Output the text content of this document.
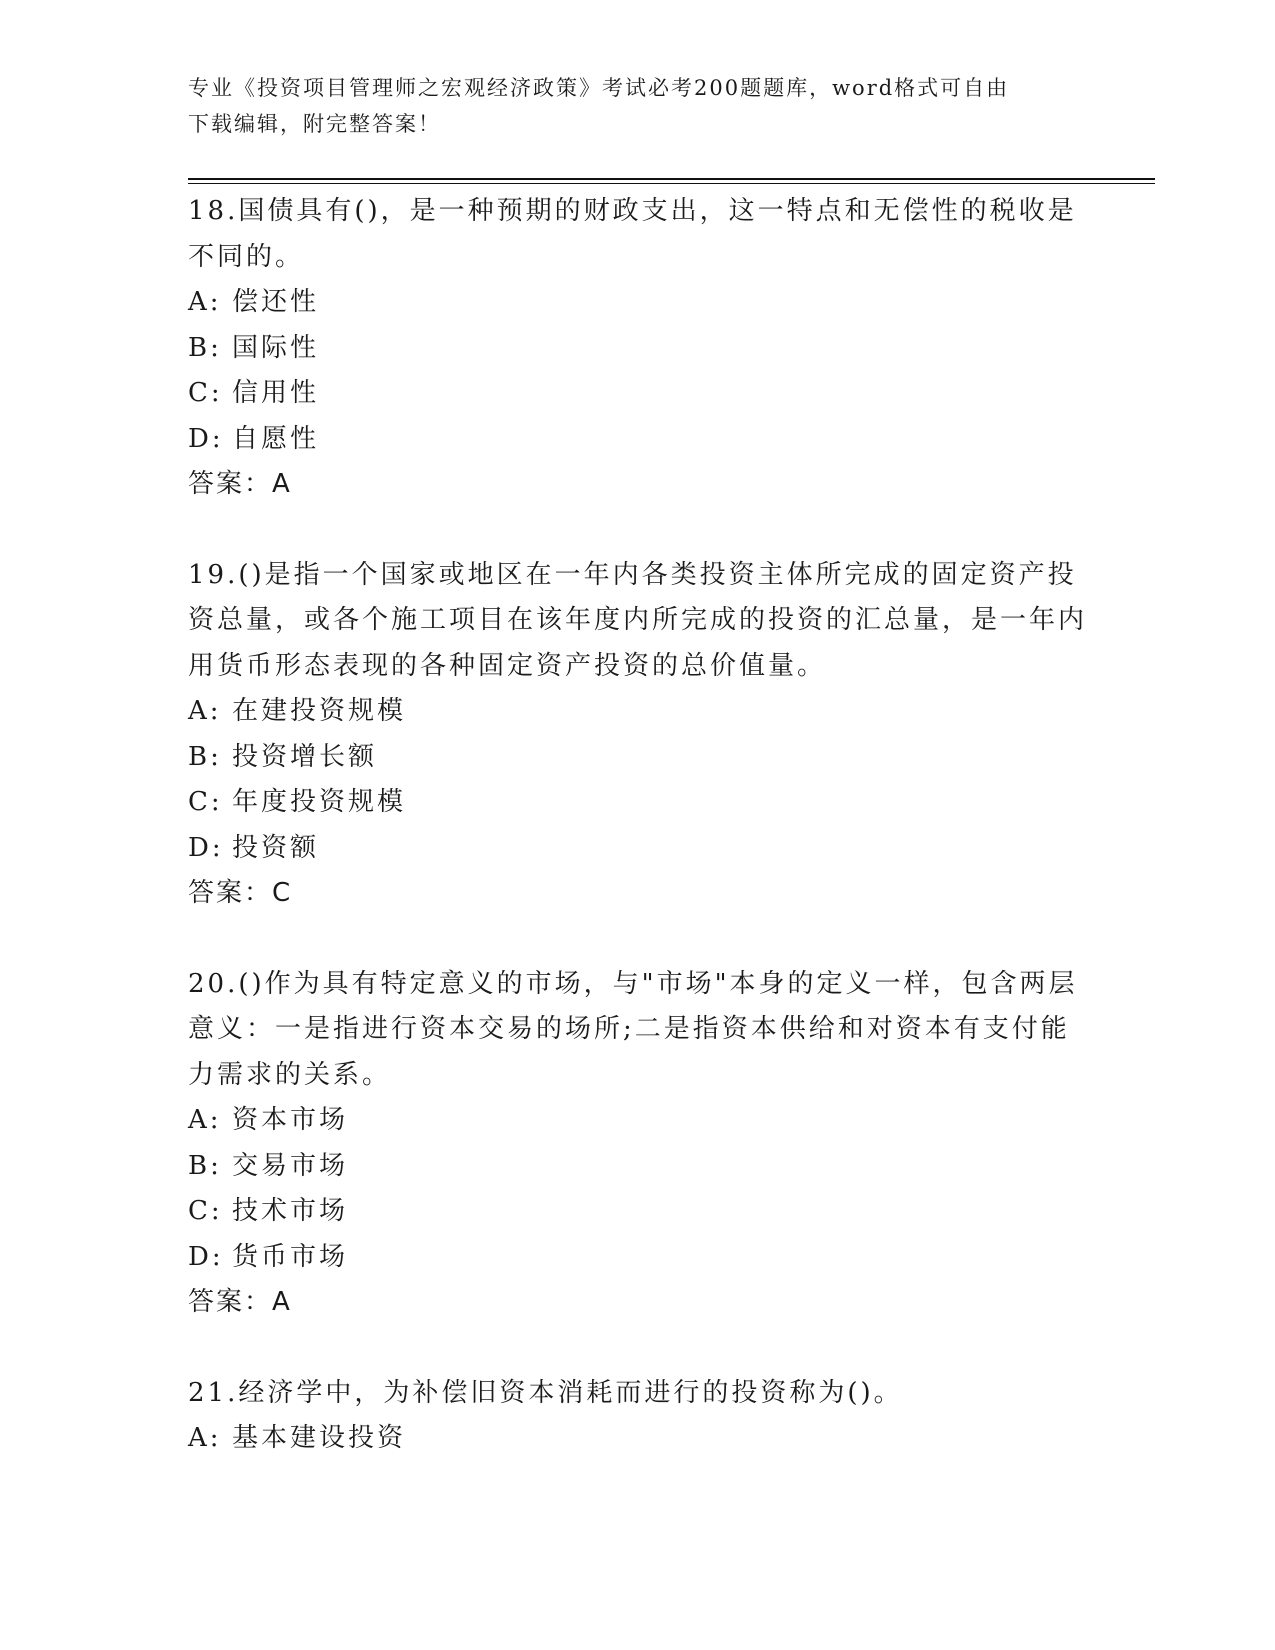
专业《投资项目管理师之宏观经济政策》考试必考200题题库，word格式可自由
下载编辑，附完整答案！

18.国债具有()，是一种预期的财政支出，这一特点和无偿性的税收是不同的。

A: 偿还性

B: 国际性

C: 信用性

D: 自愿性

答案：A

19.()是指一个国家或地区在一年内各类投资主体所完成的固定资产投资总量，或各个施工项目在该年度内所完成的投资的汇总量，是一年内用货币形态表现的各种固定资产投资的总价值量。

A: 在建投资规模

B: 投资增长额

C: 年度投资规模

D: 投资额

答案：C

20.()作为具有特定意义的市场，与"市场"本身的定义一样，包含两层意义：一是指进行资本交易的场所;二是指资本供给和对资本有支付能力需求的关系。

A: 资本市场

B: 交易市场

C: 技术市场

D: 货币市场

答案：A

21.经济学中，为补偿旧资本消耗而进行的投资称为()。

A: 基本建设投资
